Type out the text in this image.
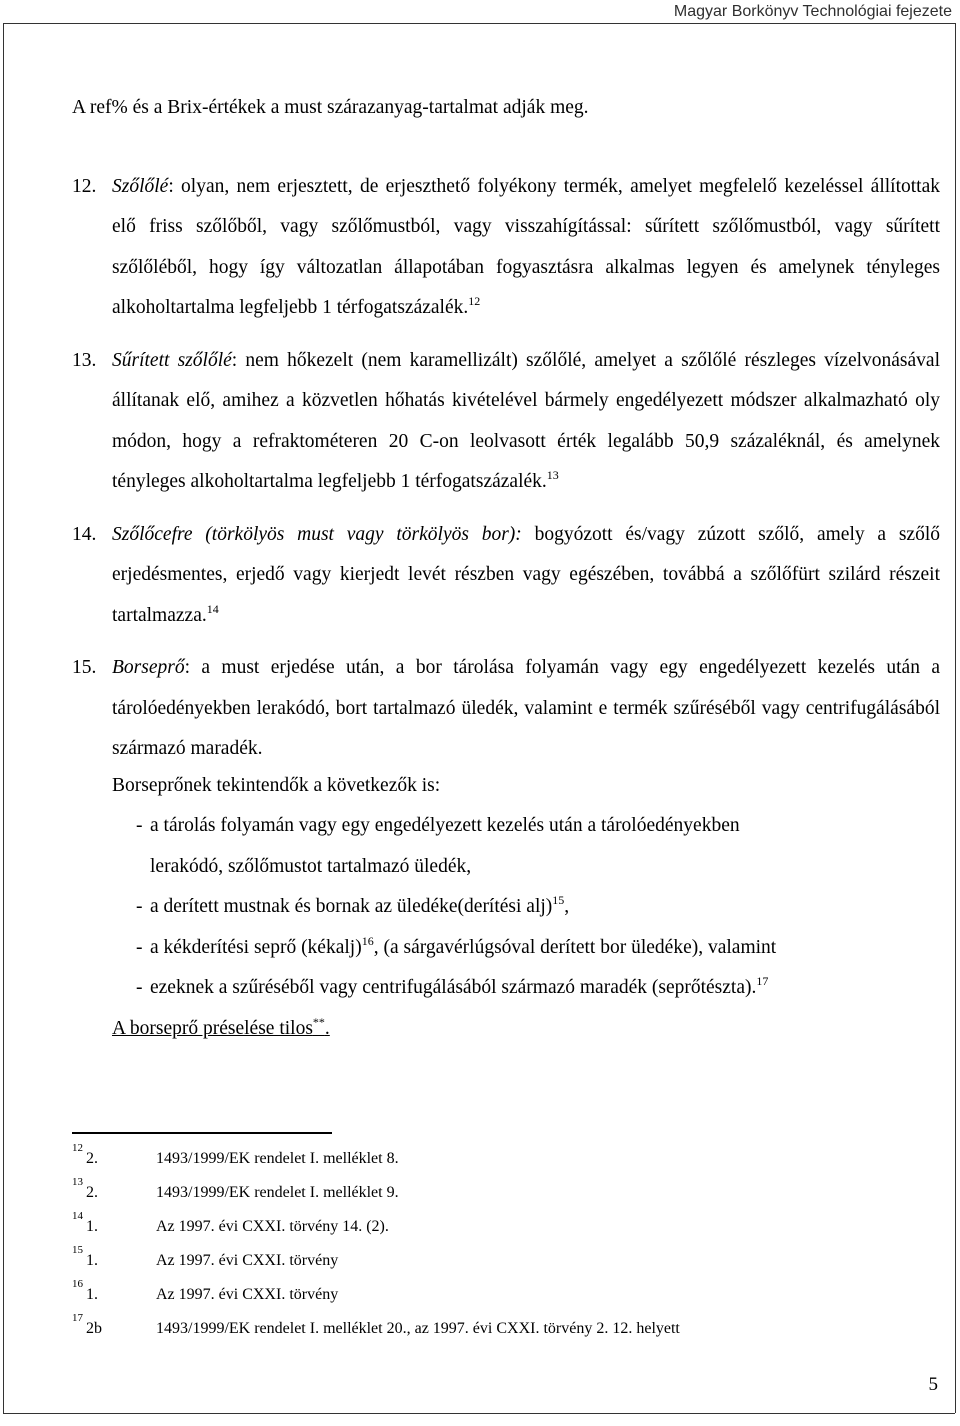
Magyar Borkönyv Technológiai fejezete

A ref% és a Brix-értékek a must szárazanyag-tartalmat adják meg.

12. Szőlőlé: olyan, nem erjesztett, de erjeszthető folyékony termék, amelyet megfelelő kezeléssel állítottak elő friss szőlőből, vagy szőlőmustból, vagy visszahígítással: sűrített szőlőmustból, vagy sűrített szőlőléből, hogy így változatlan állapotában fogyasztásra alkalmas legyen és amelynek tényleges alkoholtartalma legfeljebb 1 térfogatszázalék.$^{12}$
13. Sűrített szőlőlé: nem hőkezelt (nem karamellizált) szőlőlé, amelyet a szőlőlé részleges vízelvonásával állítanak elő, amihez a közvetlen hőhatás kivételével bármely engedélyezett módszer alkalmazható oly módon, hogy a refraktométeren 20 C-on leolvasott érték legalább 50,9 százaléknál, és amelynek tényleges alkoholtartalma legfeljebb 1 térfogatszázalék.$^{13}$
14. Szőlőcefre (törkölyös must vagy törkölyös bor): bogyózott és/vagy zúzott szőlő, amely a szőlő erjedésmentes, erjedő vagy kierjedt levét részben vagy egészében, továbbá a szőlőfürt szilárd részeit tartalmazza.$^{14}$
15. Borseprő: a must erjedése után, a bor tárolása folyamán vagy egy engedélyezett kezelés után a tárolóedényekben lerakódó, bort tartalmazó üledék, valamint e termék szűréséből vagy centrifugálásából származó maradék.
Borseprőnek tekintendők a következők is:
- a tárolás folyamán vagy egy engedélyezett kezelés után a tárolóedényekben
lerakódó, szőlőmustot tartalmazó üledék,
- a derített mustnak és bornak az üledéke(derítési alj)$^{15}$,
- a kékderítési seprő (kékalj)$^{16}$, (a sárgavérlúgsóval derített bor üledéke), valamint
- ezeknek a szűréséből vagy centrifugálásából származó maradék (seprőtészta).$^{17}$
A borseprő préselése tilos**.
12
2.	1493/1999/EK rendelet I. melléklet 8.
13
2.	1493/1999/EK rendelet I. melléklet 9.
14
1.	Az 1997. évi CXXI. törvény 14. (2).
15
1.	Az 1997. évi CXXI. törvény
16
1.	Az 1997. évi CXXI. törvény
17
2b	1493/1999/EK rendelet I. melléklet 20., az 1997. évi CXXI. törvény 2. 12. helyett
5
